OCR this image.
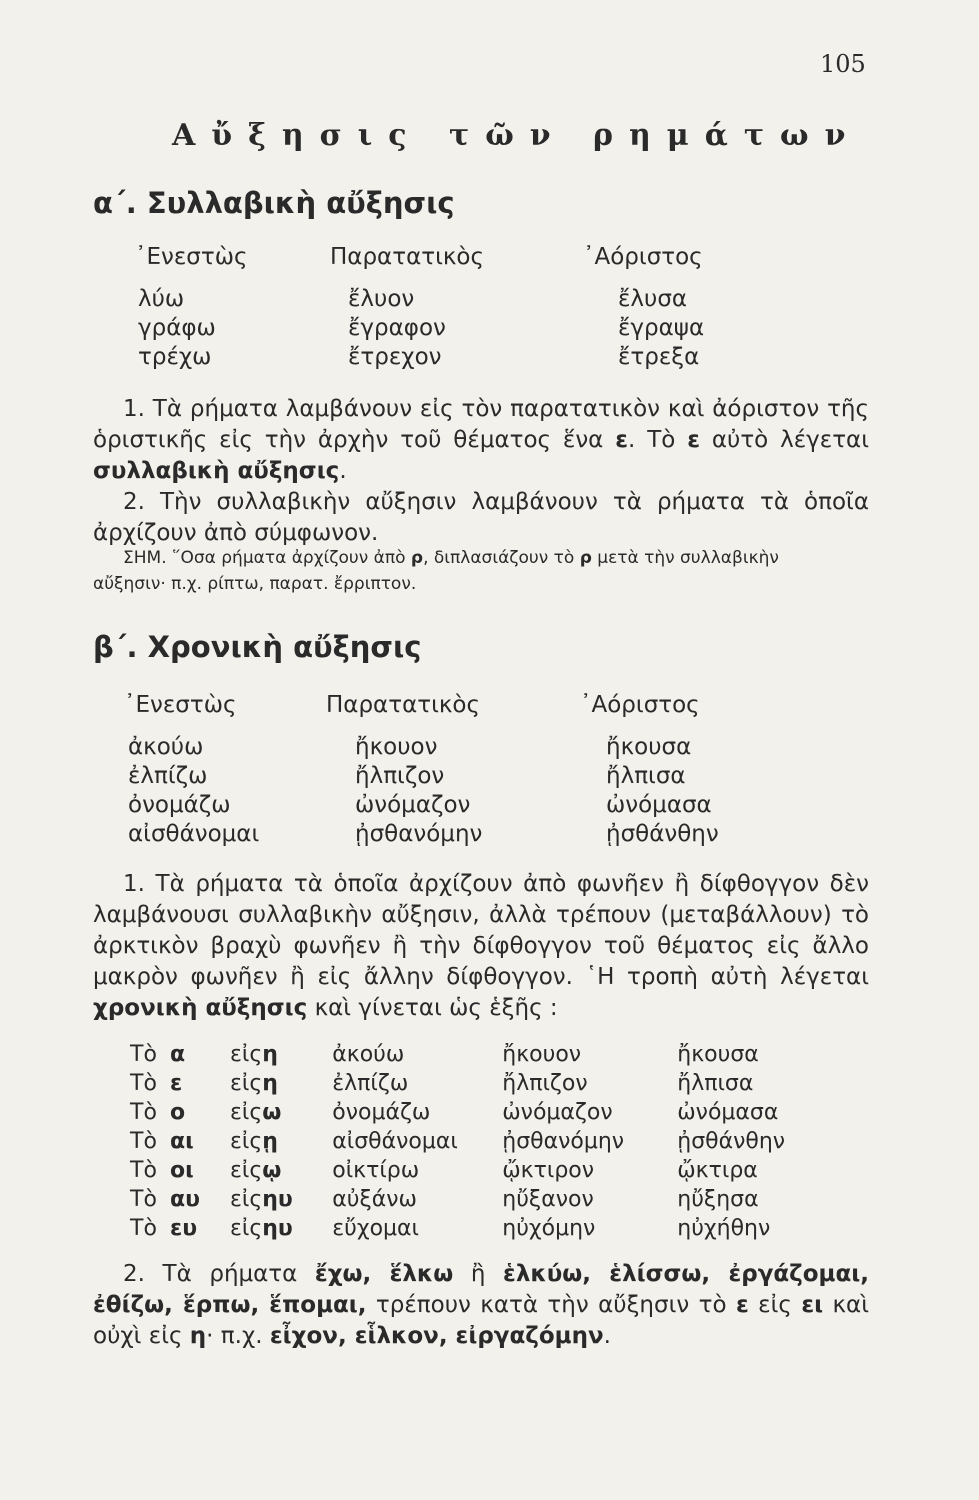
105
Αὔξησις τῶν ρημάτων
α΄. Συλλαβικὴ αὔξησις
᾿Ενεστὼς	Παρατατικὸς	᾿Αόριστος
λύω	ἔλυον	ἔλυσα
γράφω	ἔγραφον	ἔγραψα
τρέχω	ἔτρεχον	ἔτρεξα
1. Τὰ ρήματα λαμβάνουν εἰς τὸν παρατατικὸν καὶ ἀόριστον τῆς ὁριστικῆς εἰς τὴν ἀρχὴν τοῦ θέματος ἕνα ε. Τὸ ε αὐτὸ λέγεται συλλαβικὴ αὔξησις.
2. Τὴν συλλαβικὴν αὔξησιν λαμβάνουν τὰ ρήματα τὰ ὁποῖα ἀρχίζουν ἀπὸ σύμφωνον.
ΣΗΜ. ῞Οσα ρήματα ἀρχίζουν ἀπὸ ρ, διπλασιάζουν τὸ ρ μετὰ τὴν συλλαβικὴν
αὔξησιν· π.χ. ρίπτω, παρατ. ἔρριπτον.
β΄. Χρονικὴ αὔξησις
᾿Ενεστὼς	Παρατατικὸς	᾿Αόριστος
ἀκούω	ἤκουον	ἤκουσα
ἐλπίζω	ἤλπιζον	ἤλπισα
ὀνομάζω	ὠνόμαζον	ὠνόμασα
αἰσθάνομαι	ᾐσθανόμην	ᾐσθάνθην
1. Τὰ ρήματα τὰ ὁποῖα ἀρχίζουν ἀπὸ φωνῆεν ἢ δίφθογγον δὲν λαμβάνουσι συλλαβικὴν αὔξησιν, ἀλλὰ τρέπουν (μεταβάλλουν) τὸ ἀρκτικὸν βραχὺ φωνῆεν ἢ τὴν δίφθογγον τοῦ θέματος εἰς ἄλλο μακρὸν φωνῆεν ἢ εἰς ἄλλην δίφθογγον. ῾Η τροπὴ αὐτὴ λέγεται χρονικὴ αὔξησις καὶ γίνεται ὡς ἑξῆς :
Τὸ	α	εἰς	η	ἀκούω	ἤκουον	ἤκουσα
Τὸ	ε	εἰς	η	ἐλπίζω	ἤλπιζον	ἤλπισα
Τὸ	ο	εἰς	ω	ὀνομάζω	ὠνόμαζον	ὠνόμασα
Τὸ	αι	εἰς	ῃ	αἰσθάνομαι	ᾐσθανόμην	ᾐσθάνθην
Τὸ	οι	εἰς	ῳ	οἰκτίρω	ᾤκτιρον	ᾤκτιρα
Τὸ	αυ	εἰς	ηυ	αὐξάνω	ηὔξανον	ηὔξησα
Τὸ	ευ	εἰς	ηυ	εὔχομαι	ηὐχόμην	ηὐχήθην
2. Τὰ ρήματα ἔχω, ἕλκω ἢ ἑλκύω, ἑλίσσω, ἐργάζομαι, ἐθίζω, ἕρπω, ἕπομαι, τρέπουν κατὰ τὴν αὔξησιν τὸ ε εἰς ει καὶ οὐχὶ εἰς η· π.χ. εἶχον, εἷλκον, εἰργαζόμην.
